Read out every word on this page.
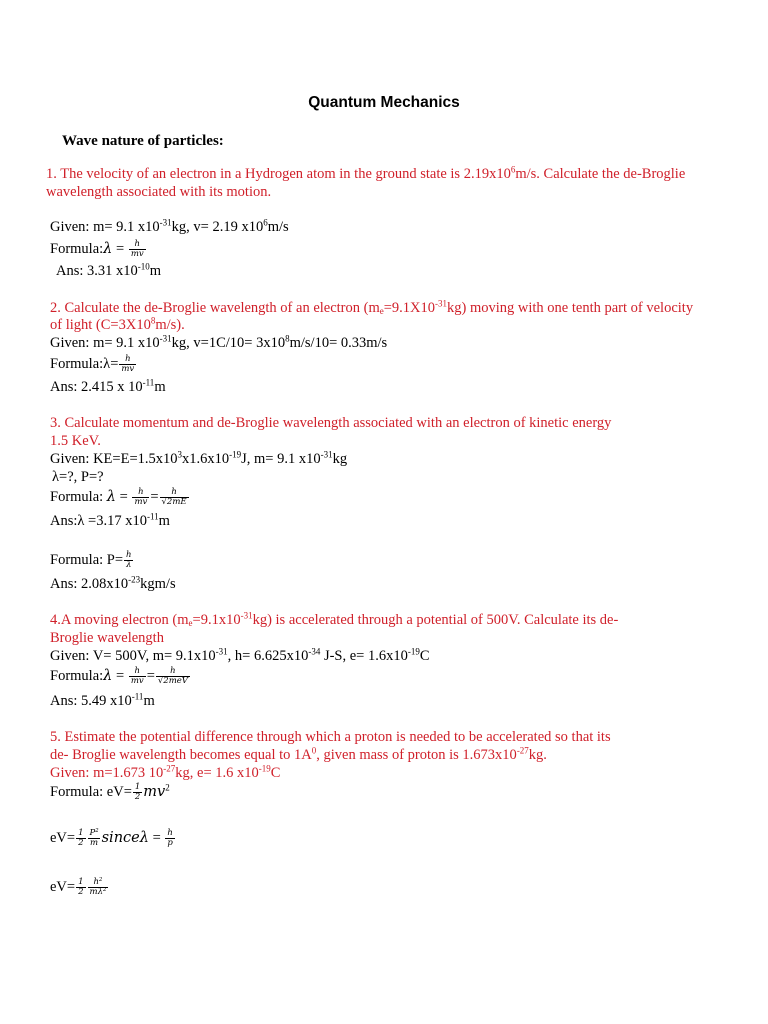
Quantum Mechanics
Wave nature of particles:
1. The velocity of an electron in a Hydrogen atom in the ground state is $2.19x10^6m/s$. Calculate the de-Broglie
wavelength associated with its motion.
Given: m= 9.1 $x10^{-31}kg$, v= 2.19 $x10^6m/s$
Formula:λ = $\frac{h}{mv}$
Ans: 3.31 $x10^{-10}m$
2. Calculate the de-Broglie wavelength of an electron $(m_e=9.1X10^{-31}kg)$ moving with one tenth part of velocity
of light $(C=3X10^8m/s)$.
Given: m= 9.1 $x10^{-31}kg$, $v=1C/10= 3x10^8m/s/10= 0.33m/s$
Formula:λ= $\frac{h}{mv}$
Ans: 2.415 x $10^{-11}m$
3. Calculate momentum and de-Broglie wavelength associated with an electron of kinetic energy
1.5 KeV.
Given: $KE=E=1.5x10^3x1.6x10^{-19}J$, m= 9.1 $x10^{-31}kg$
λ=?, P=?
Formula: $\lambda = \frac{h}{mv} = \frac{h}{√2mE}$
Ans:λ =3.17 $x10^{-11}m$
Formula: $P= \frac{h}{\lambda}$
Ans: $2.08x10^{-23}kgm/s$
4.A moving electron $(m_e=9.1x10^{-31}kg)$ is accelerated through a potential of 500V. Calculate its de-
Broglie wavelength
Given: V= 500V, $m= 9.1x10^{-31}$, $h= 6.625x10^{-34}$ J-S, $e= 1.6x10^{-19}C$
Formula:λ = $\frac{h}{mv} = \frac{h}{\text{√2meV}}$
Ans: 5.49 $x10^{-11}m$
5. Estimate the potential difference through which a proton is needed to be accelerated so that its
de- Broglie wavelength becomes equal to $1A^0$, given mass of proton is $1.673x10^{-27}kg$.
Given: m=1.673 $10^{-27}kg$, e= 1.6 $x10^{-19}C$
Formula: $eV= \frac{1}{2} mv^2$
$eV= \frac{1}{2} \frac{P^2}{m}$ sinceλ = $\frac{h}{p}$
$eV= \frac{1}{2} \frac{h^2}{m\lambda^2}$
